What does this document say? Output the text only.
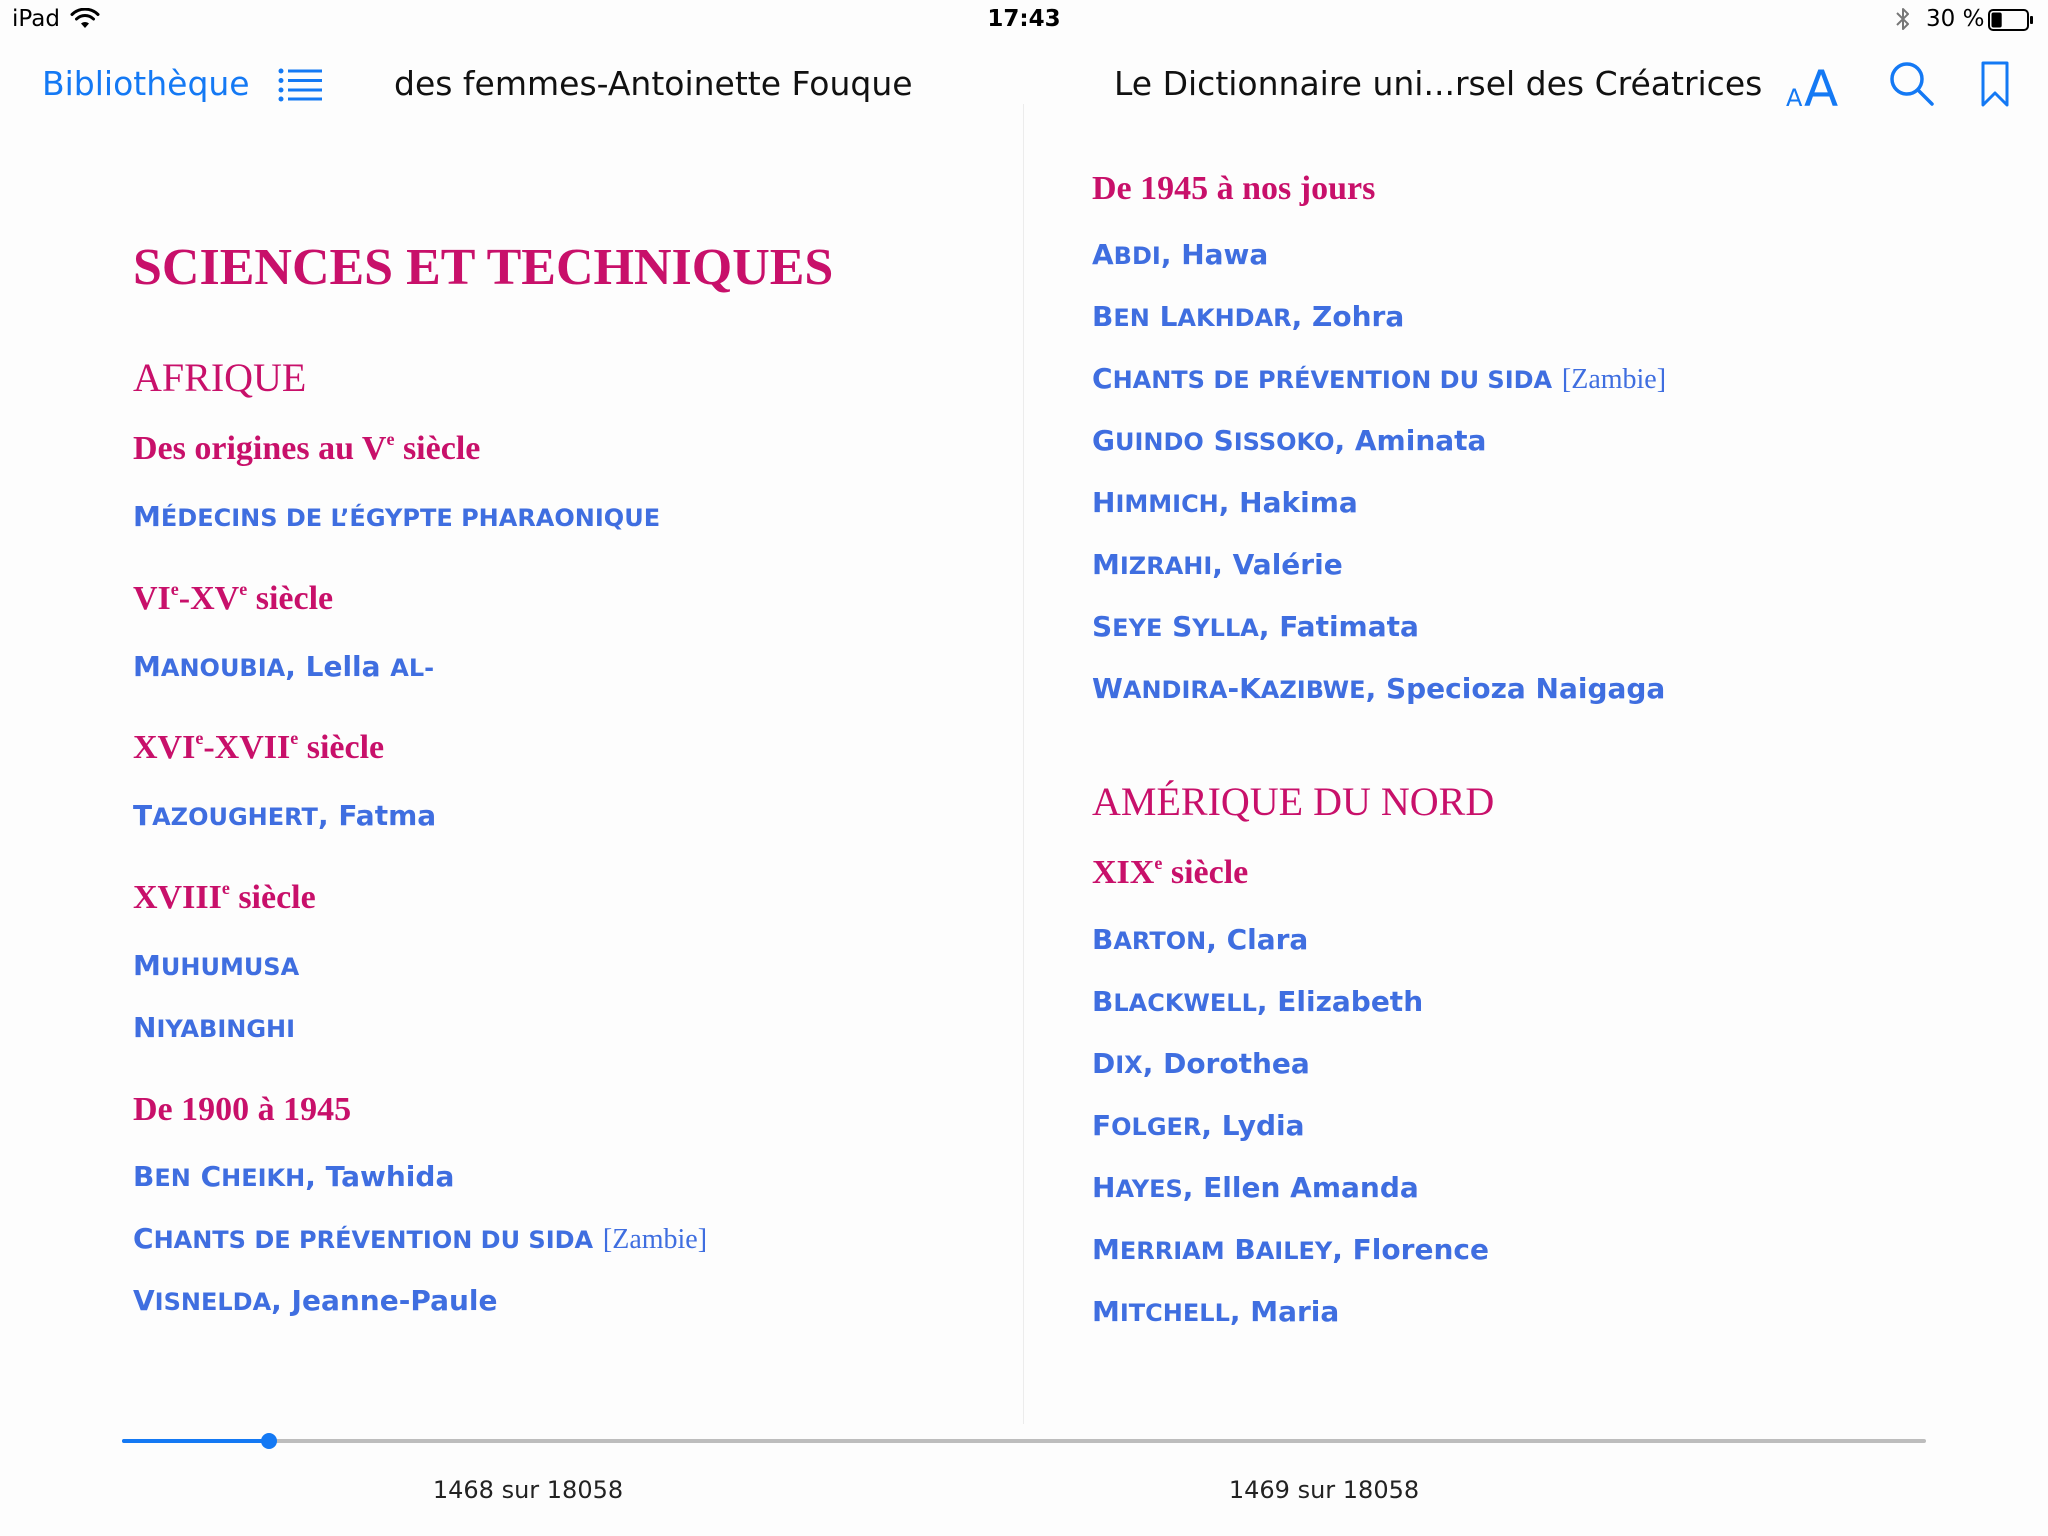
iPad	17:43	30 %
Bibliothèque	des femmes-Antoinette Fouque	Le Dictionnaire uni...rsel des Créatrices A A
SCIENCES ET TECHNIQUES
AFRIQUE
Des origines au Ve siècle
MÉDECINS DE L’ÉGYPTE PHARAONIQUE
VIe-XVe siècle
MANOUBIA, Lella AL-
XVIe-XVIIe siècle
TAZOUGHERT, Fatma
XVIIIe siècle
MUHUMUSA
NIYABINGHI
De 1900 à 1945
BEN CHEIKH, Tawhida
CHANTS DE PRÉVENTION DU SIDA [Zambie]
VISNELDA, Jeanne-Paule
De 1945 à nos jours
ABDI, Hawa
BEN LAKHDAR, Zohra
CHANTS DE PRÉVENTION DU SIDA [Zambie]
GUINDO SISSOKO, Aminata
HIMMICH, Hakima
MIZRAHI, Valérie
SEYE SYLLA, Fatimata
WANDIRA-KAZIBWE, Specioza Naigaga
AMÉRIQUE DU NORD
XIXe siècle
BARTON, Clara
BLACKWELL, Elizabeth
DIX, Dorothea
FOLGER, Lydia
HAYES, Ellen Amanda
MERRIAM BAILEY, Florence
MITCHELL, Maria
1468 sur 18058	1469 sur 18058
